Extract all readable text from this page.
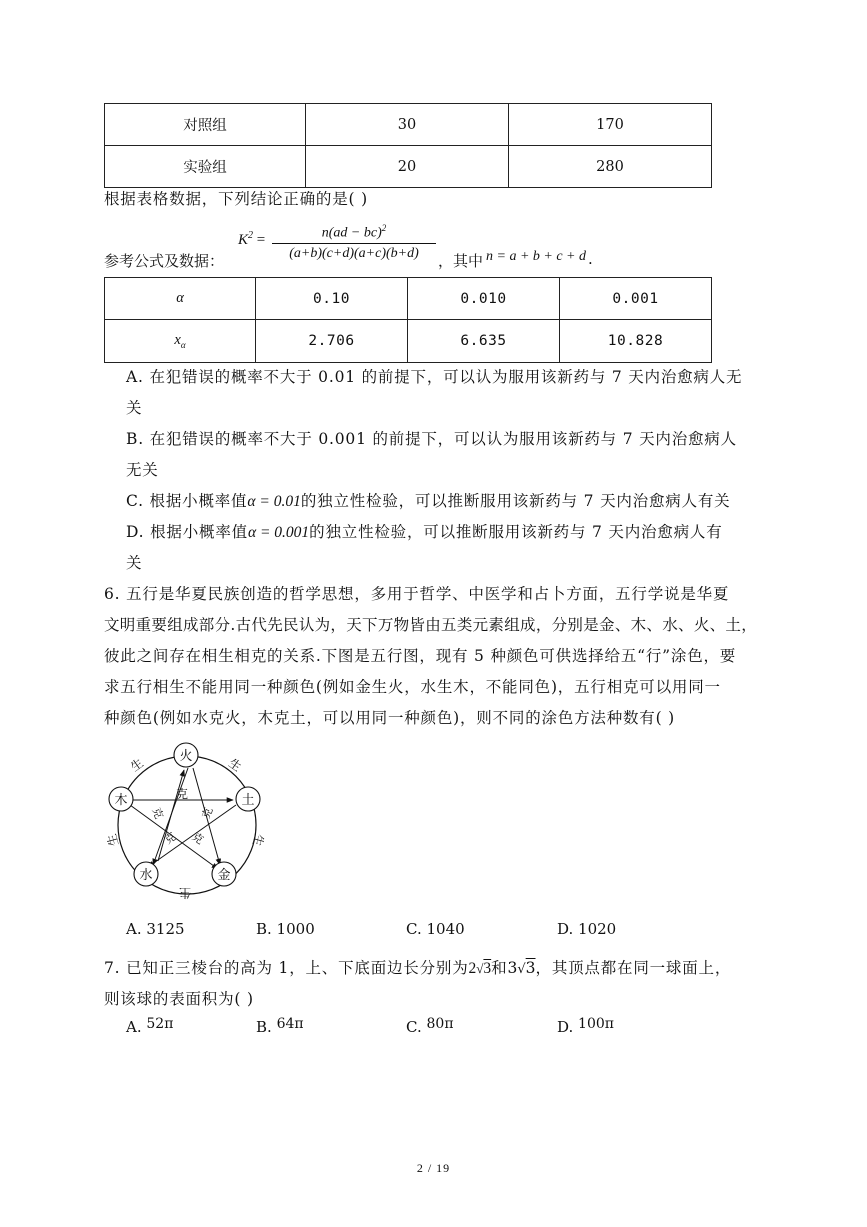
对照组	30	170
实验组	20	280
根据表格数据，下列结论正确的是( )
参考公式及数据：
$K^2$ =	n(ad − bc)$^2$
(a+b)(c+d)(a+c)(b+d)	，其中 n = a + b + c + d .
α	0.10	0.010	0.001
$x_\alpha$	2.706	6.635	10.828
A. 在犯错误的概率不大于 0.01 的前提下，可以认为服用该新药与 7 天内治愈病人无
关
B. 在犯错误的概率不大于 0.001 的前提下，可以认为服用该新药与 7 天内治愈病人
无关
C. 根据小概率值α = 0.01的独立性检验，可以推断服用该新药与 7 天内治愈病人有关
D. 根据小概率值α = 0.001的独立性检验，可以推断服用该新药与 7 天内治愈病人有
关
6. 五行是华夏民族创造的哲学思想，多用于哲学、中医学和占卜方面，五行学说是华夏
文明重要组成部分.古代先民认为，天下万物皆由五类元素组成，分别是金、木、水、火、土，
彼此之间存在相生相克的关系.下图是五行图，现有 5 种颜色可供选择给五“行”涂色，要
求五行相生不能用同一种颜色(例如金生火，水生木，不能同色)，五行相克可以用同一
种颜色(例如水克火，木克土，可以用同一种颜色)，则不同的涂色方法种数有( )
火
土
金
水
木
生	生
生
生
生
克
克	克
克 克
A. 3125	B. 1000	C. 1040	D. 1020
7. 已知正三棱台的高为 1，上、下底面边长分别为2√3和3√3，其顶点都在同一球面上，
则该球的表面积为( )
A. 52π	B. 64π	C. 80π	D. 100π
2 / 19
